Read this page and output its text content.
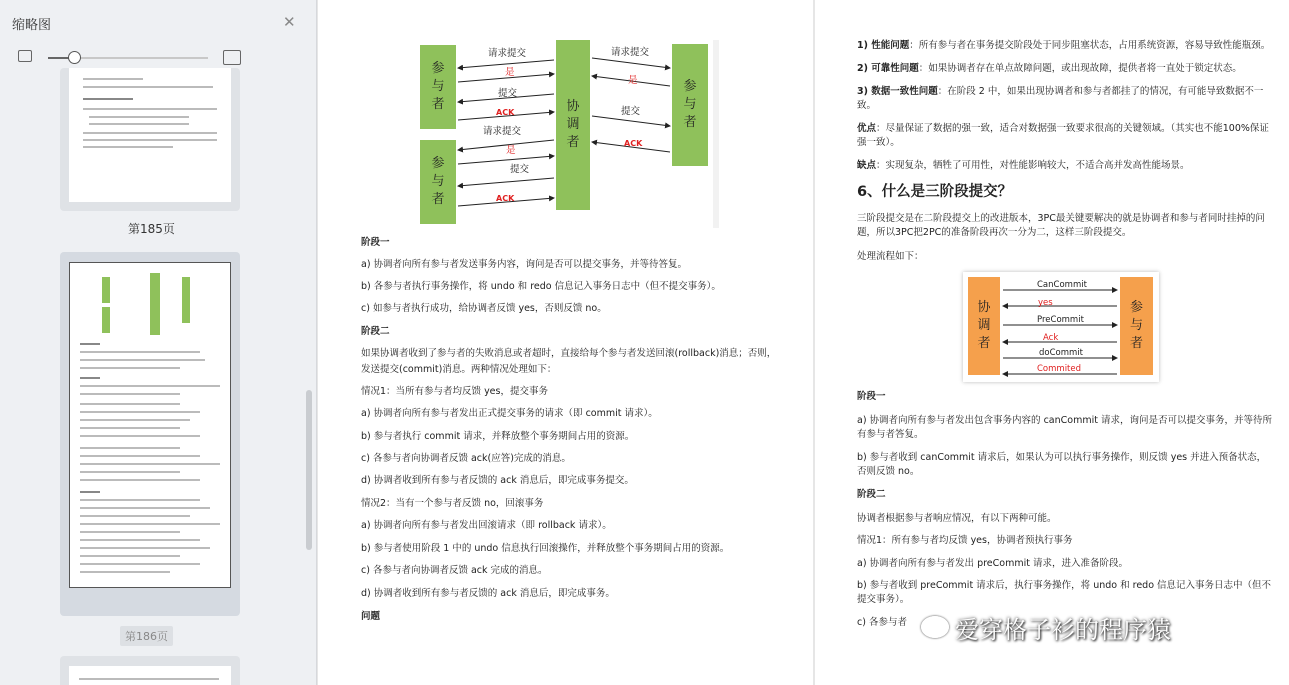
缩略图	✕
第185页
第186页
参
与
者
参
与
者
协
调
者
参
与
者
请求提交
是
提交
ACK
请求提交
是
提交
ACK
请求提交
是
提交
ACK
阶段一
a) 协调者向所有参与者发送事务内容，询问是否可以提交事务，并等待答复。
b) 各参与者执行事务操作，将 undo 和 redo 信息记入事务日志中（但不提交事务）。
c) 如参与者执行成功，给协调者反馈 yes，否则反馈 no。
阶段二
如果协调者收到了参与者的失败消息或者超时，直接给每个参与者发送回滚(rollback)消息；否则，
发送提交(commit)消息。两种情况处理如下：
情况1：当所有参与者均反馈 yes，提交事务
a) 协调者向所有参与者发出正式提交事务的请求（即 commit 请求）。
b) 参与者执行 commit 请求，并释放整个事务期间占用的资源。
c) 各参与者向协调者反馈 ack(应答)完成的消息。
d) 协调者收到所有参与者反馈的 ack 消息后，即完成事务提交。
情况2：当有一个参与者反馈 no，回滚事务
a) 协调者向所有参与者发出回滚请求（即 rollback 请求）。
b) 参与者使用阶段 1 中的 undo 信息执行回滚操作，并释放整个事务期间占用的资源。
c) 各参与者向协调者反馈 ack 完成的消息。
d) 协调者收到所有参与者反馈的 ack 消息后，即完成事务。
问题
1) 性能问题：所有参与者在事务提交阶段处于同步阻塞状态，占用系统资源，容易导致性能瓶颈。
2) 可靠性问题：如果协调者存在单点故障问题，或出现故障，提供者将一直处于锁定状态。
3) 数据一致性问题：在阶段 2 中，如果出现协调者和参与者都挂了的情况，有可能导致数据不一致。
优点：尽量保证了数据的强一致，适合对数据强一致要求很高的关键领域。（其实也不能100%保证强一致）。
缺点：实现复杂，牺牲了可用性，对性能影响较大，不适合高并发高性能场景。
6、什么是三阶段提交？
三阶段提交是在二阶段提交上的改进版本，3PC最关键要解决的就是协调者和参与者同时挂掉的问题，所以3PC把2PC的准备阶段再次一分为二，这样三阶段提交。
处理流程如下：
协
调
者
参
与
者
CanCommit
yes
PreCommit
Ack
doCommit
Commited
阶段一
a) 协调者向所有参与者发出包含事务内容的 canCommit 请求，询问是否可以提交事务，并等待所有参与者答复。
b) 参与者收到 canCommit 请求后，如果认为可以执行事务操作，则反馈 yes 并进入预备状态，否则反馈 no。
阶段二
协调者根据参与者响应情况，有以下两种可能。
情况1：所有参与者均反馈 yes，协调者预执行事务
a) 协调者向所有参与者发出 preCommit 请求，进入准备阶段。
b) 参与者收到 preCommit 请求后，执行事务操作，将 undo 和 redo 信息记入事务日志中（但不提交事务）。
c) 各参与者	爱穿格子衫的程序猿
